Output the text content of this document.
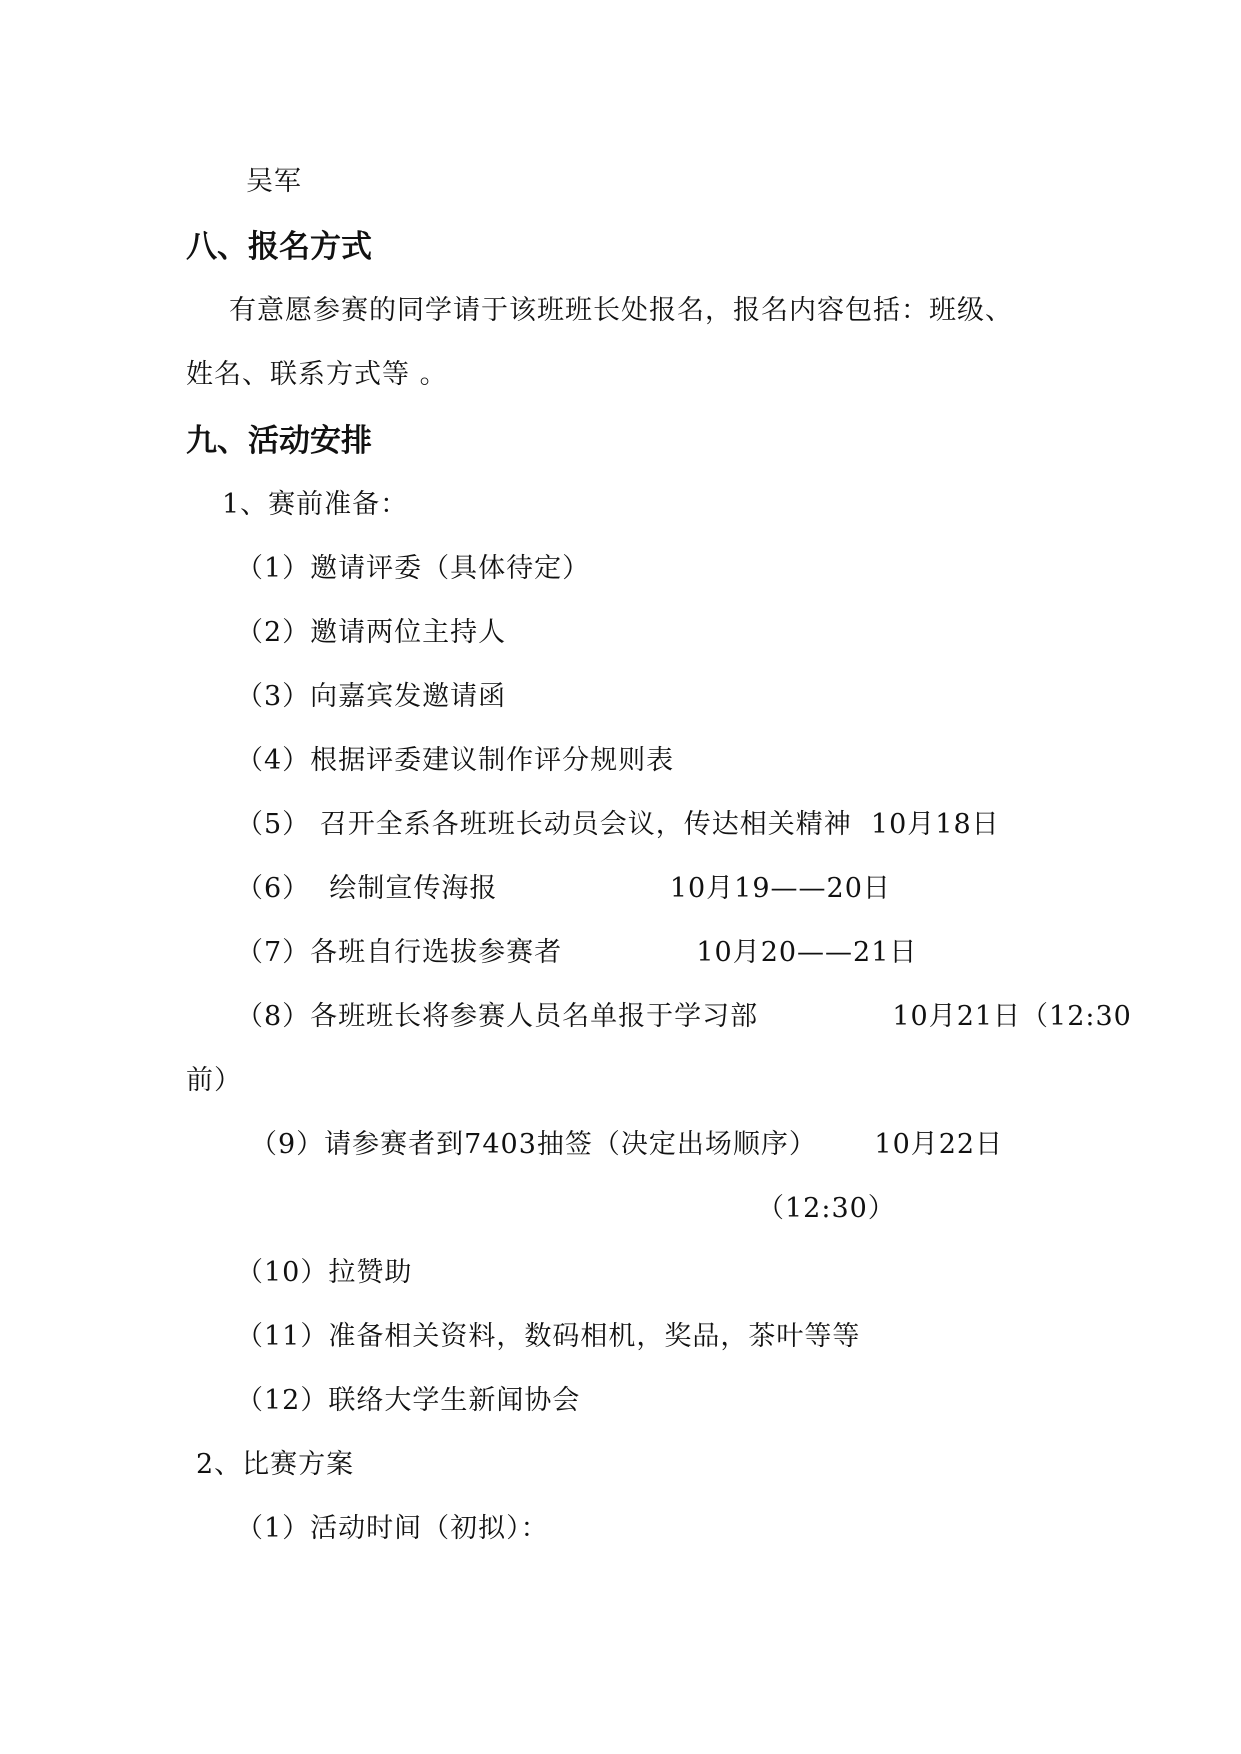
吴军
八、报名方式
有意愿参赛的同学请于该班班长处报名，报名内容包括：班级、
姓名、联系方式等 。
九、活动安排
1、赛前准备：
（1）邀请评委（具体待定）
（2）邀请两位主持人
（3）向嘉宾发邀请函
（4）根据评委建议制作评分规则表
（5） 召开全系各班班长动员会议，传达相关精神  10月18日
（6）  绘制宣传海报                  10月19——20日
（7）各班自行选拔参赛者              10月20——21日
（8）各班班长将参赛人员名单报于学习部              10月21日（12:30
前）
（9）请参赛者到7403抽签（决定出场顺序）      10月22日
（12:30）
（10）拉赞助
（11）准备相关资料，数码相机，奖品，茶叶等等
（12）联络大学生新闻协会
2、比赛方案
（1）活动时间（初拟）：
